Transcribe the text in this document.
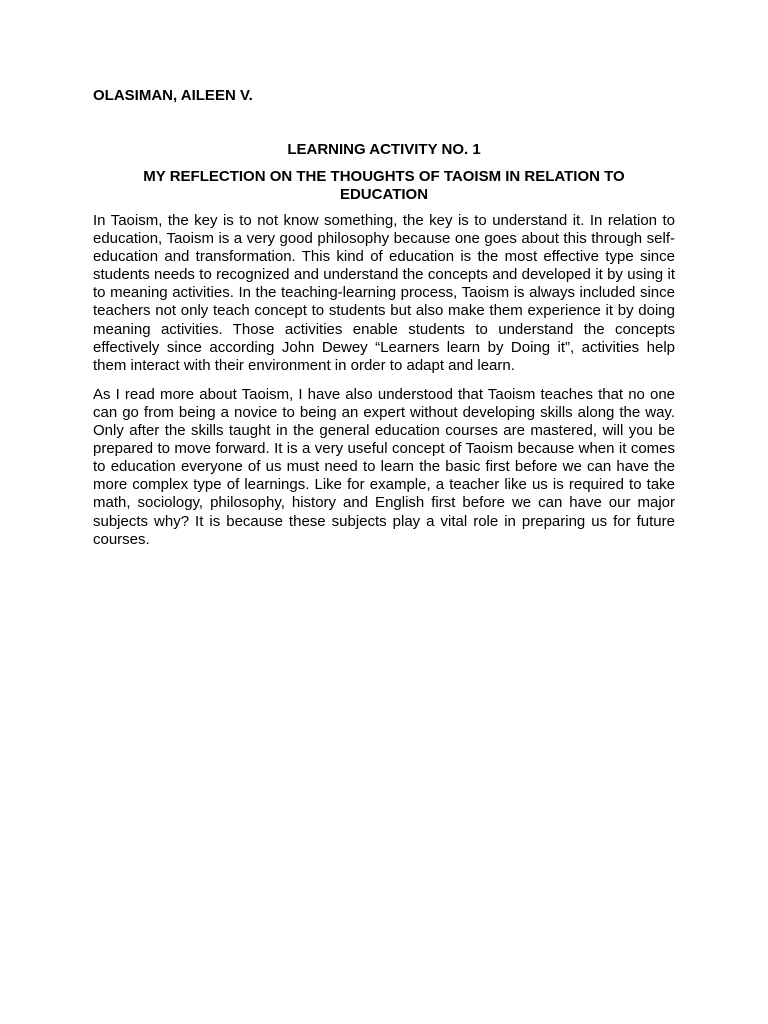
OLASIMAN, AILEEN V.

LEARNING ACTIVITY NO. 1

MY REFLECTION ON THE THOUGHTS OF TAOISM IN RELATION TO EDUCATION

In Taoism, the key is to not know something, the key is to understand it. In relation to education, Taoism is a very good philosophy because one goes about this through self-education and transformation. This kind of education is the most effective type since students needs to recognized and understand the concepts and developed it by using it to meaning activities. In the teaching-learning process, Taoism is always included since teachers not only teach concept to students but also make them experience it by doing meaning activities. Those activities enable students to understand the concepts effectively since according John Dewey “Learners learn by Doing it”, activities help them interact with their environment in order to adapt and learn.

As I read more about Taoism, I have also understood that Taoism teaches that no one can go from being a novice to being an expert without developing skills along the way. Only after the skills taught in the general education courses are mastered, will you be prepared to move forward. It is a very useful concept of Taoism because when it comes to education everyone of us must need to learn the basic first before we can have the more complex type of learnings. Like for example, a teacher like us is required to take math, sociology, philosophy, history and English first before we can have our major subjects why? It is because these subjects play a vital role in preparing us for future courses.
